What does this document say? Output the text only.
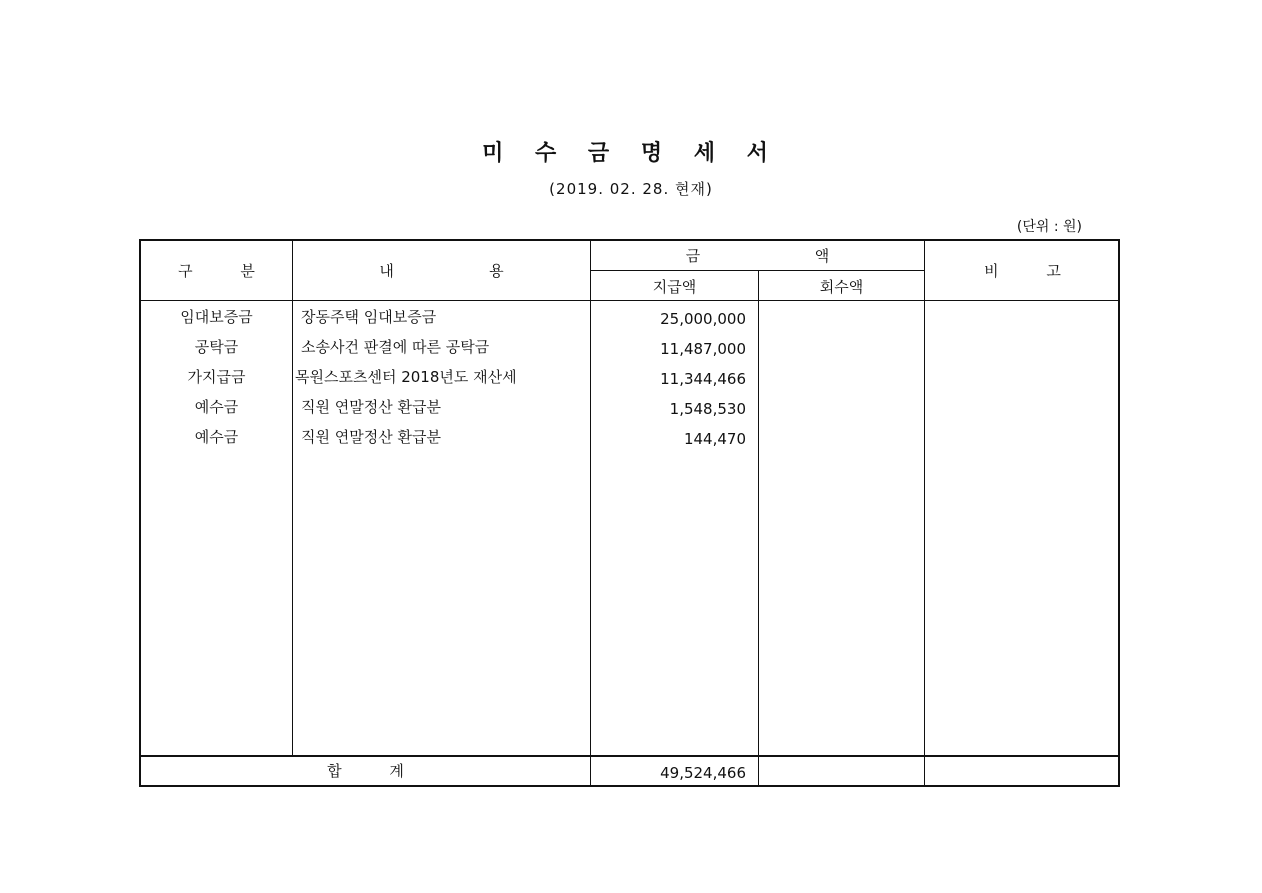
미 수 금 명 세 서
(2019. 02. 28. 현재)
(단위 : 원)
구          분	내                    용
금                        액
지급액	회수액
비          고
임대보증금	장동주택 임대보증금	25,000,000
공탁금	소송사건 판결에 따른 공탁금	11,487,000
가지급금	목원스포츠센터 2018년도 재산세	11,344,466
예수금	직원 연말정산 환급분	1,548,530
예수금	직원 연말정산 환급분	144,470
합          계	49,524,466
